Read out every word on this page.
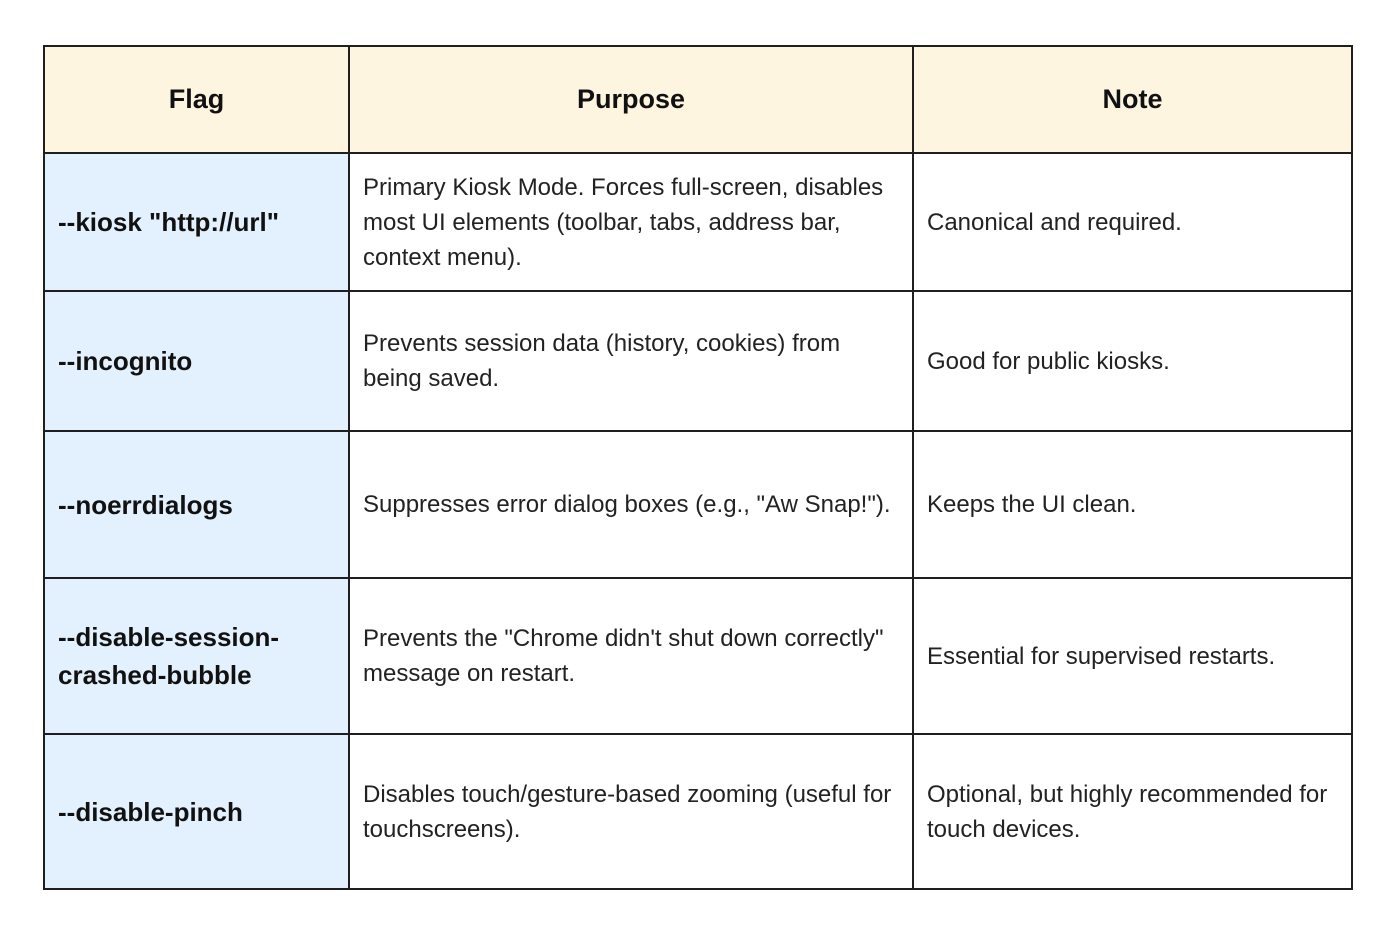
Flag	Purpose	Note
--kiosk "http://url"	Primary Kiosk Mode. Forces full-screen, disables most UI elements (toolbar, tabs, address bar, context menu).	Canonical and required.
--incognito	Prevents session data (history, cookies) from being saved.	Good for public kiosks.
--noerrdialogs	Suppresses error dialog boxes (e.g., "Aw Snap!").	Keeps the UI clean.
--disable-session-crashed-bubble	Prevents the "Chrome didn't shut down correctly" message on restart.	Essential for supervised restarts.
--disable-pinch	Disables touch/gesture-based zooming (useful for touchscreens).	Optional, but highly recommended for touch devices.
